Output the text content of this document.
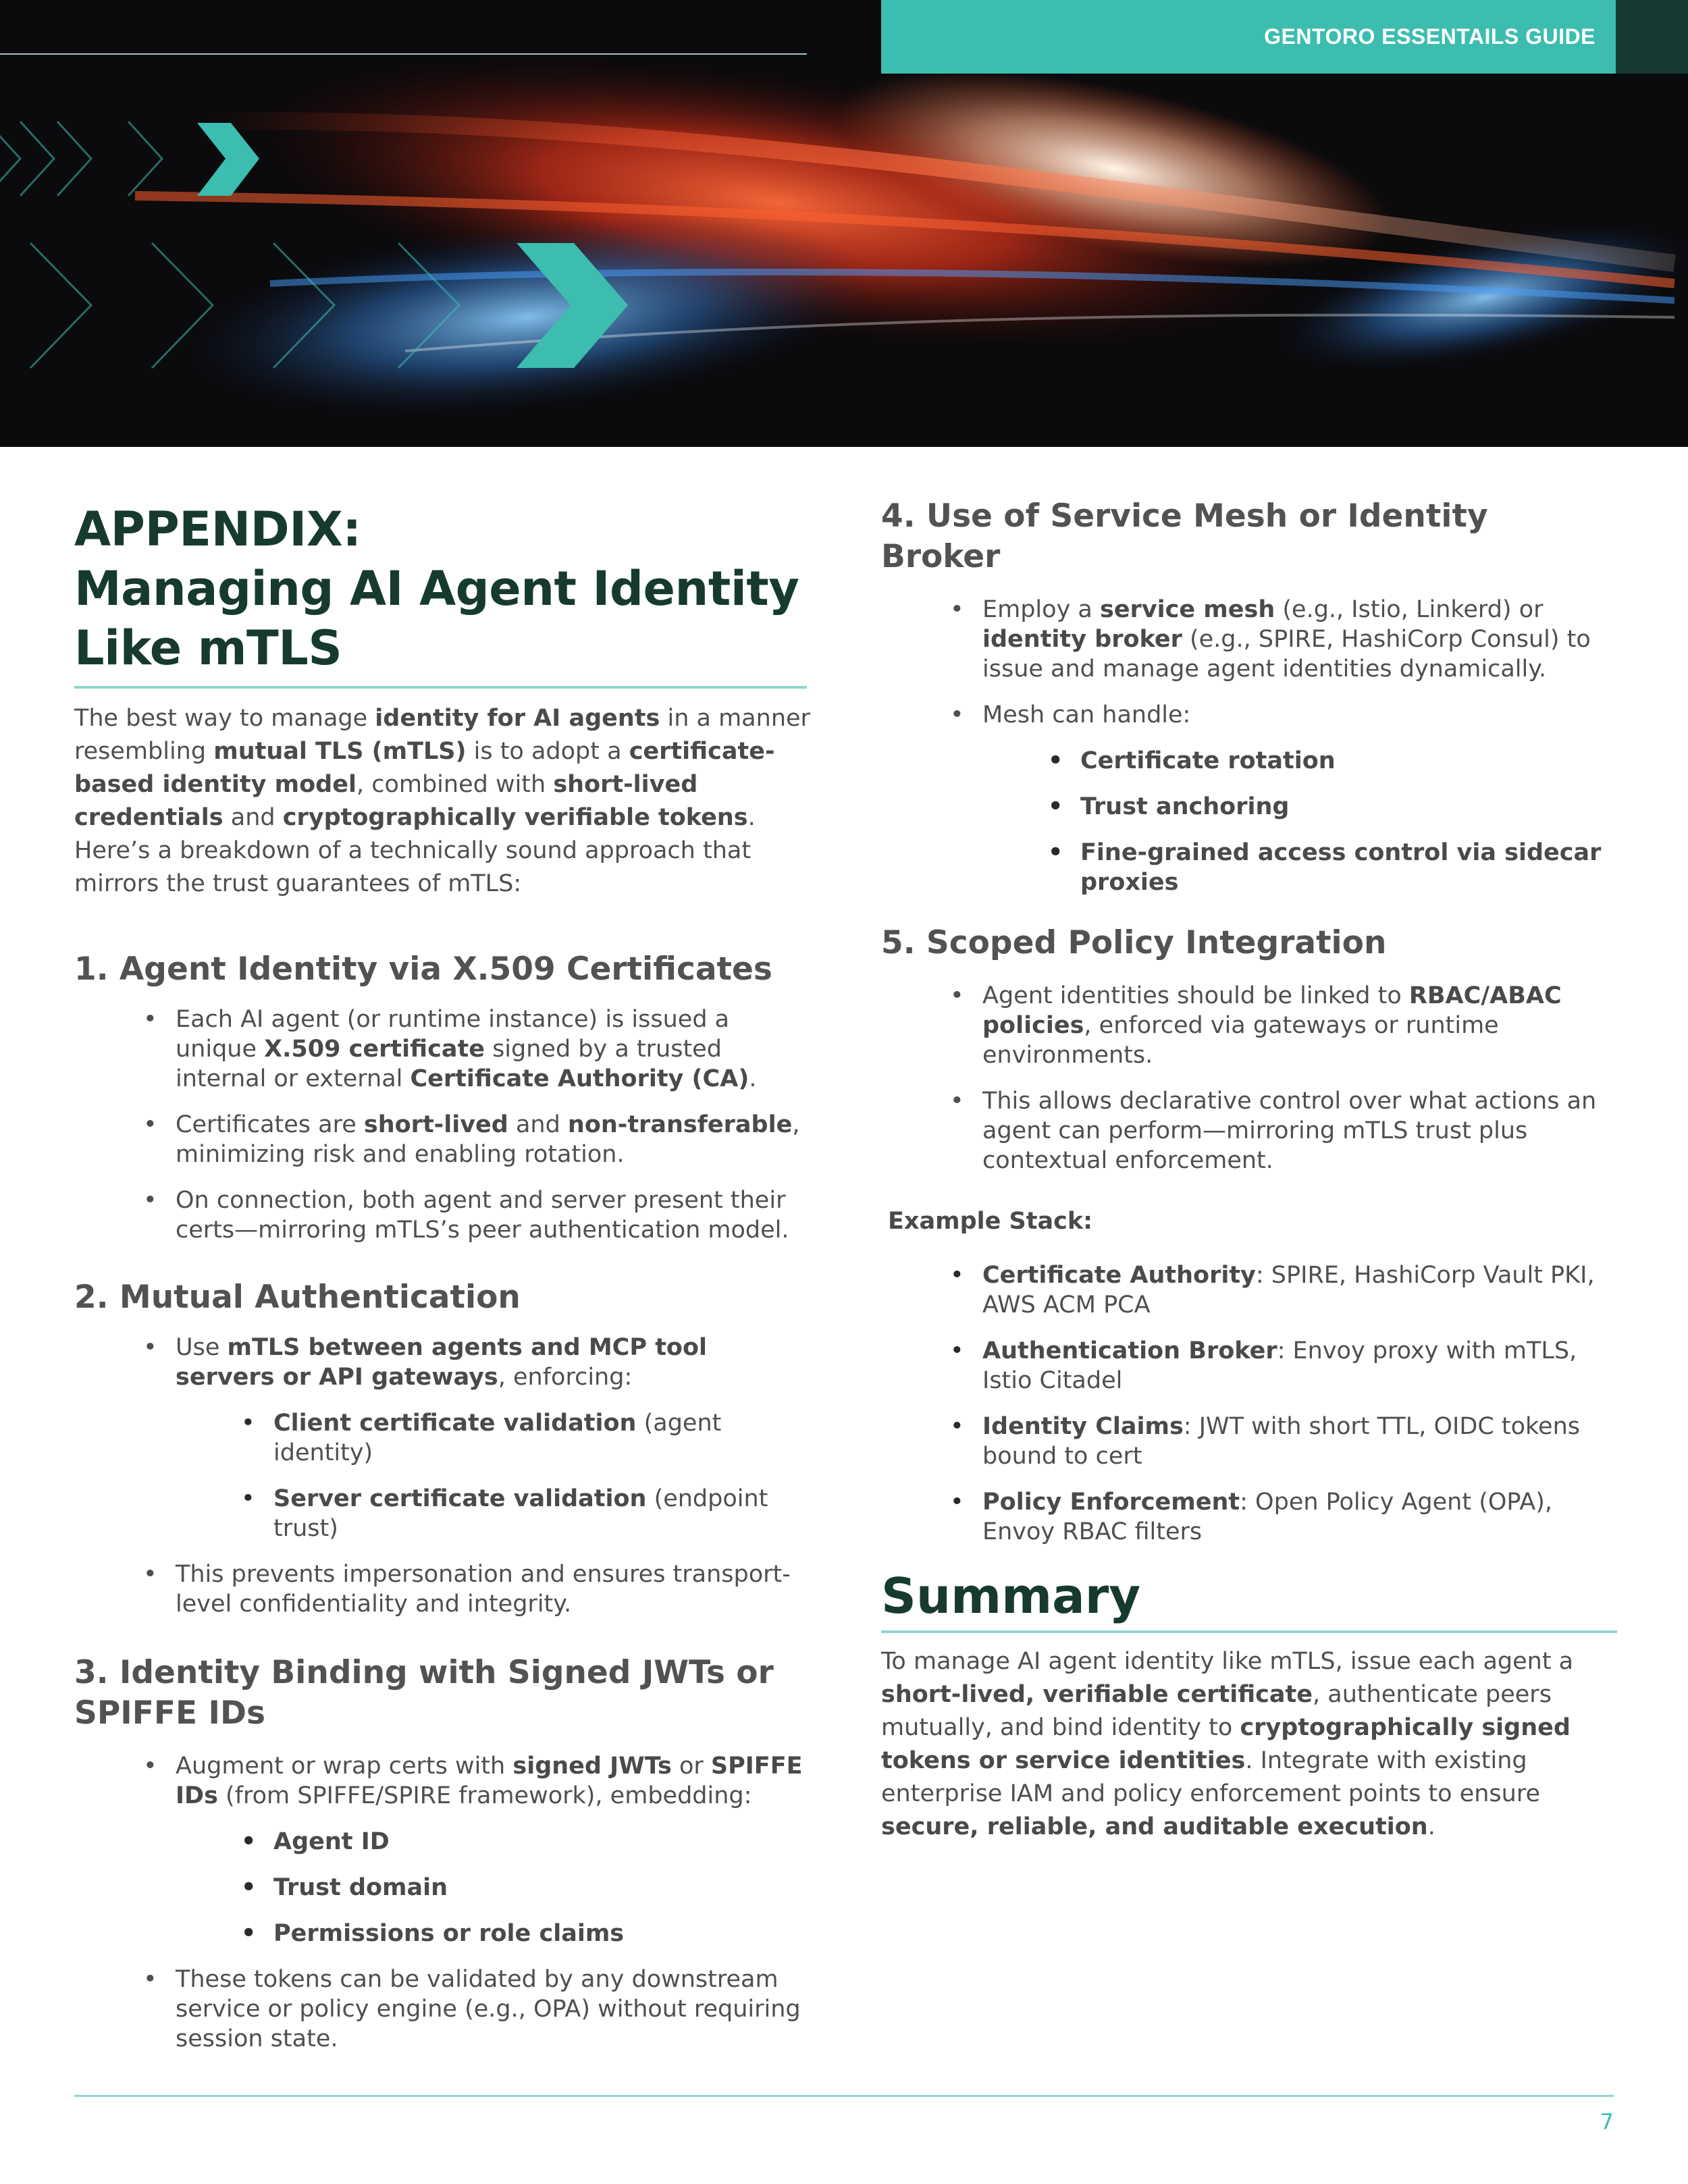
GENTORO ESSENTAILS GUIDE
APPENDIX:
Managing AI Agent Identity
Like mTLS

The best way to manage identity for AI agents in a manner resembling mutual TLS (mTLS) is to adopt a certificate-based identity model, combined with short-lived credentials and cryptographically verifiable tokens. Here’s a breakdown of a technically sound approach that mirrors the trust guarantees of mTLS:

1. Agent Identity via X.509 Certificates
• Each AI agent (or runtime instance) is issued a unique X.509 certificate signed by a trusted internal or external Certificate Authority (CA).
• Certificates are short-lived and non-transferable, minimizing risk and enabling rotation.
• On connection, both agent and server present their certs—mirroring mTLS’s peer authentication model.
2. Mutual Authentication
• Use mTLS between agents and MCP tool servers or API gateways, enforcing:
• Client certificate validation (agent identity)
• Server certificate validation (endpoint trust)
• This prevents impersonation and ensures transport-level confidentiality and integrity.
3. Identity Binding with Signed JWTs or SPIFFE IDs
• Augment or wrap certs with signed JWTs or SPIFFE IDs (from SPIFFE/SPIRE framework), embedding:
• Agent ID
• Trust domain
• Permissions or role claims
• These tokens can be validated by any downstream service or policy engine (e.g., OPA) without requiring session state.
4. Use of Service Mesh or Identity Broker
• Employ a service mesh (e.g., Istio, Linkerd) or identity broker (e.g., SPIRE, HashiCorp Consul) to issue and manage agent identities dynamically.
• Mesh can handle:
• Certificate rotation
• Trust anchoring
• Fine-grained access control via sidecar proxies
5. Scoped Policy Integration
• Agent identities should be linked to RBAC/ABAC policies, enforced via gateways or runtime environments.
• This allows declarative control over what actions an agent can perform—mirroring mTLS trust plus contextual enforcement.
Example Stack:
• Certificate Authority: SPIRE, HashiCorp Vault PKI, AWS ACM PCA
• Authentication Broker: Envoy proxy with mTLS, Istio Citadel
• Identity Claims: JWT with short TTL, OIDC tokens bound to cert
• Policy Enforcement: Open Policy Agent (OPA), Envoy RBAC filters
Summary

To manage AI agent identity like mTLS, issue each agent a short-lived, verifiable certificate, authenticate peers mutually, and bind identity to cryptographically signed tokens or service identities. Integrate with existing enterprise IAM and policy enforcement points to ensure secure, reliable, and auditable execution.

7
